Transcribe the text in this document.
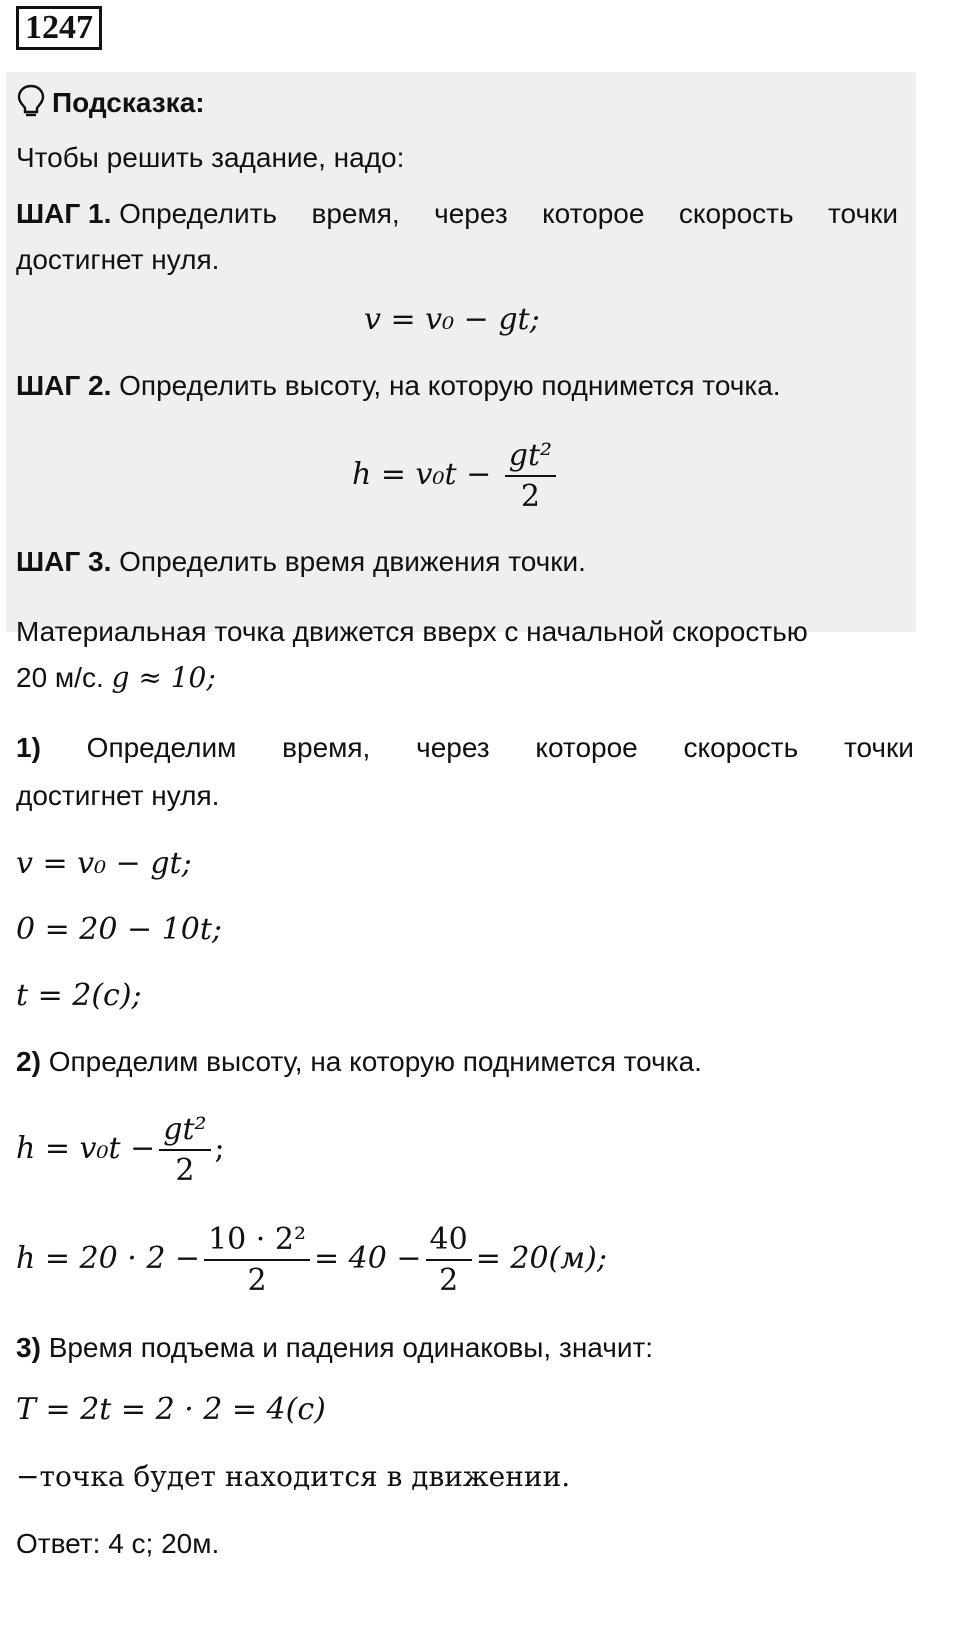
1247
Подсказка:
Чтобы решить задание, надо:
ШАГ 1. Определить время, через которое скорость точки
достигнет нуля.
v = v₀ − gt;
ШАГ 2. Определить высоту, на которую поднимется точка.
$h = v_0t - \frac{\text{gt²}}{2}$
ШАГ 3. Определить время движения точки.
Материальная точка движется вверх с начальной скоростью
20 м/с. g ≈ 10;
1) Определим время, через которое скорость точки
достигнет нуля.
v = v₀ − gt;
0 = 20 − 10t;
t = 2(с);
2) Определим высоту, на которую поднимется точка.
$h = v_0t - \frac{\text{gt²}}{2}$ ;
$h = 20 \cdot 2 - \frac{\text{10 · 2²}}{2} = 40 - \frac{40}{2} = 20(м)$;
3) Время подъема и падения одинаковы, значит:
T = 2t = 2 · 2 = 4(с)
−точка будет находится в движении.
Ответ: 4 с; 20м.
